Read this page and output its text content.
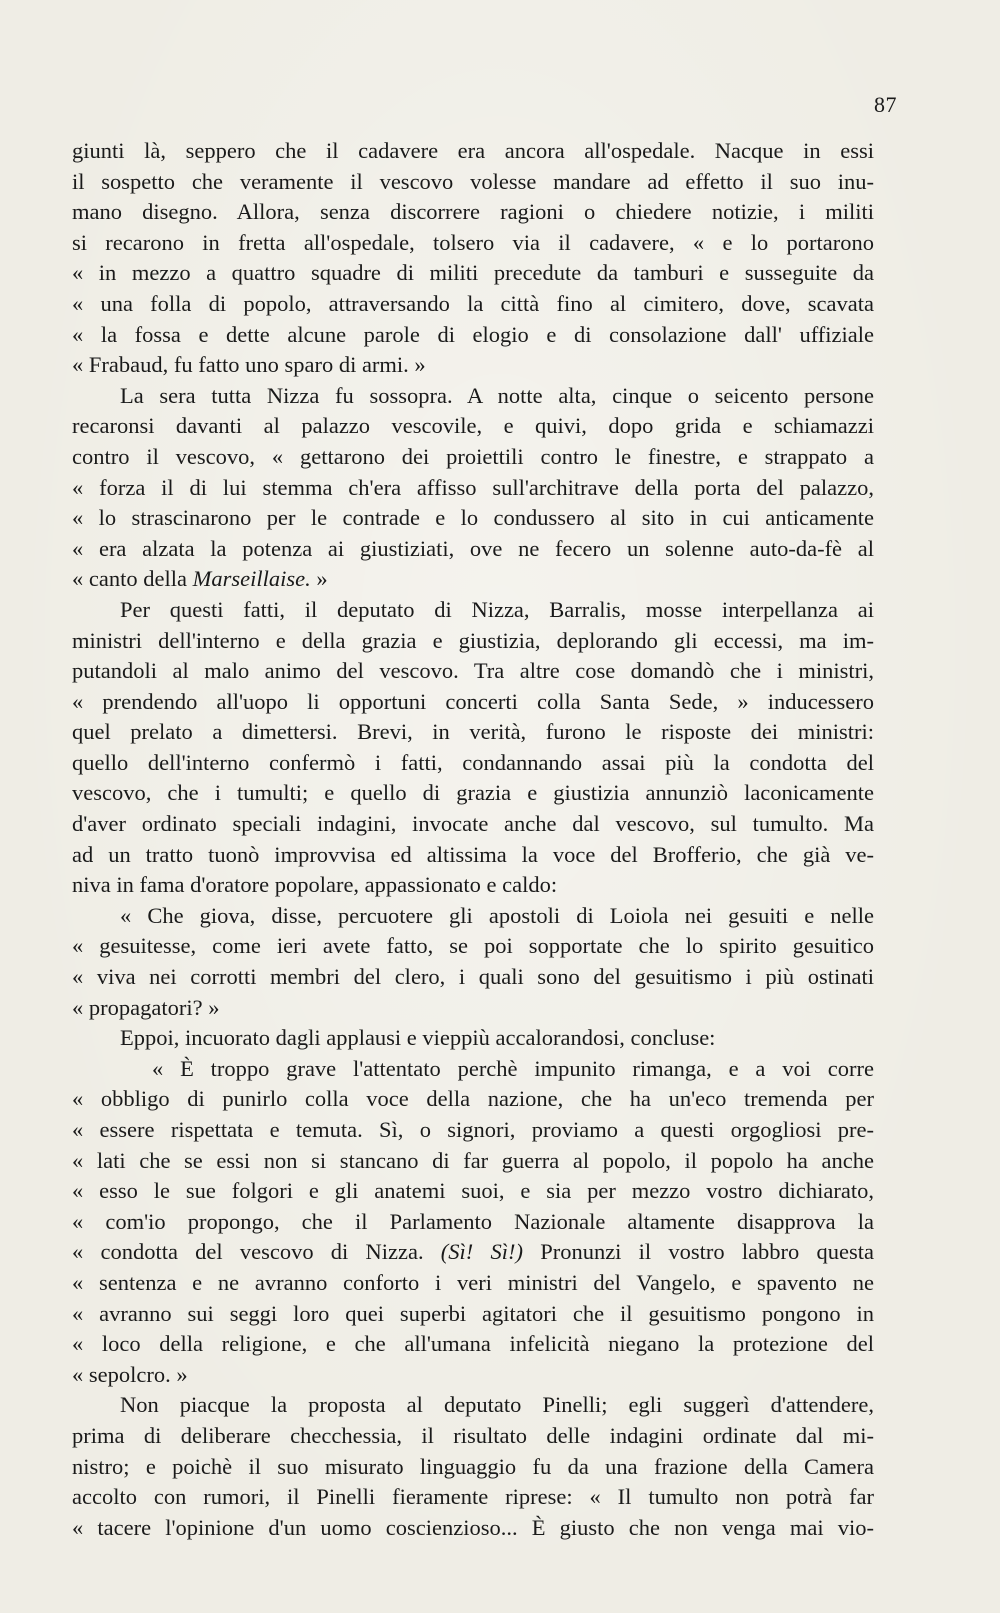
87
giunti là, seppero che il cadavere era ancora all'ospedale. Nacque in essi
il sospetto che veramente il vescovo volesse mandare ad effetto il suo inu-
mano disegno. Allora, senza discorrere ragioni o chiedere notizie, i militi
si recarono in fretta all'ospedale, tolsero via il cadavere, « e lo portarono
« in mezzo a quattro squadre di militi precedute da tamburi e susseguite da
« una folla di popolo, attraversando la città fino al cimitero, dove, scavata
« la fossa e dette alcune parole di elogio e di consolazione dall' uffiziale
« Frabaud, fu fatto uno sparo di armi. »
La sera tutta Nizza fu sossopra. A notte alta, cinque o seicento persone
recaronsi davanti al palazzo vescovile, e quivi, dopo grida e schiamazzi
contro il vescovo, « gettarono dei proiettili contro le finestre, e strappato a
« forza il di lui stemma ch'era affisso sull'architrave della porta del palazzo,
« lo strascinarono per le contrade e lo condussero al sito in cui anticamente
« era alzata la potenza ai giustiziati, ove ne fecero un solenne auto-da-fè al
« canto della Marseillaise. »
Per questi fatti, il deputato di Nizza, Barralis, mosse interpellanza ai
ministri dell'interno e della grazia e giustizia, deplorando gli eccessi, ma im-
putandoli al malo animo del vescovo. Tra altre cose domandò che i ministri,
« prendendo all'uopo li opportuni concerti colla Santa Sede, » inducessero
quel prelato a dimettersi. Brevi, in verità, furono le risposte dei ministri:
quello dell'interno confermò i fatti, condannando assai più la condotta del
vescovo, che i tumulti; e quello di grazia e giustizia annunziò laconicamente
d'aver ordinato speciali indagini, invocate anche dal vescovo, sul tumulto. Ma
ad un tratto tuonò improvvisa ed altissima la voce del Brofferio, che già ve-
niva in fama d'oratore popolare, appassionato e caldo:
« Che giova, disse, percuotere gli apostoli di Loiola nei gesuiti e nelle
« gesuitesse, come ieri avete fatto, se poi sopportate che lo spirito gesuitico
« viva nei corrotti membri del clero, i quali sono del gesuitismo i più ostinati
« propagatori? »
Eppoi, incuorato dagli applausi e vieppiù accalorandosi, concluse:
« È troppo grave l'attentato perchè impunito rimanga, e a voi corre
« obbligo di punirlo colla voce della nazione, che ha un'eco tremenda per
« essere rispettata e temuta. Sì, o signori, proviamo a questi orgogliosi pre-
« lati che se essi non si stancano di far guerra al popolo, il popolo ha anche
« esso le sue folgori e gli anatemi suoi, e sia per mezzo vostro dichiarato,
« com'io propongo, che il Parlamento Nazionale altamente disapprova la
« condotta del vescovo di Nizza. (Sì! Sì!) Pronunzi il vostro labbro questa
« sentenza e ne avranno conforto i veri ministri del Vangelo, e spavento ne
« avranno sui seggi loro quei superbi agitatori che il gesuitismo pongono in
« loco della religione, e che all'umana infelicità niegano la protezione del
« sepolcro. »
Non piacque la proposta al deputato Pinelli; egli suggerì d'attendere,
prima di deliberare checchessia, il risultato delle indagini ordinate dal mi-
nistro; e poichè il suo misurato linguaggio fu da una frazione della Camera
accolto con rumori, il Pinelli fieramente riprese: « Il tumulto non potrà far
« tacere l'opinione d'un uomo coscienzioso... È giusto che non venga mai vio-
